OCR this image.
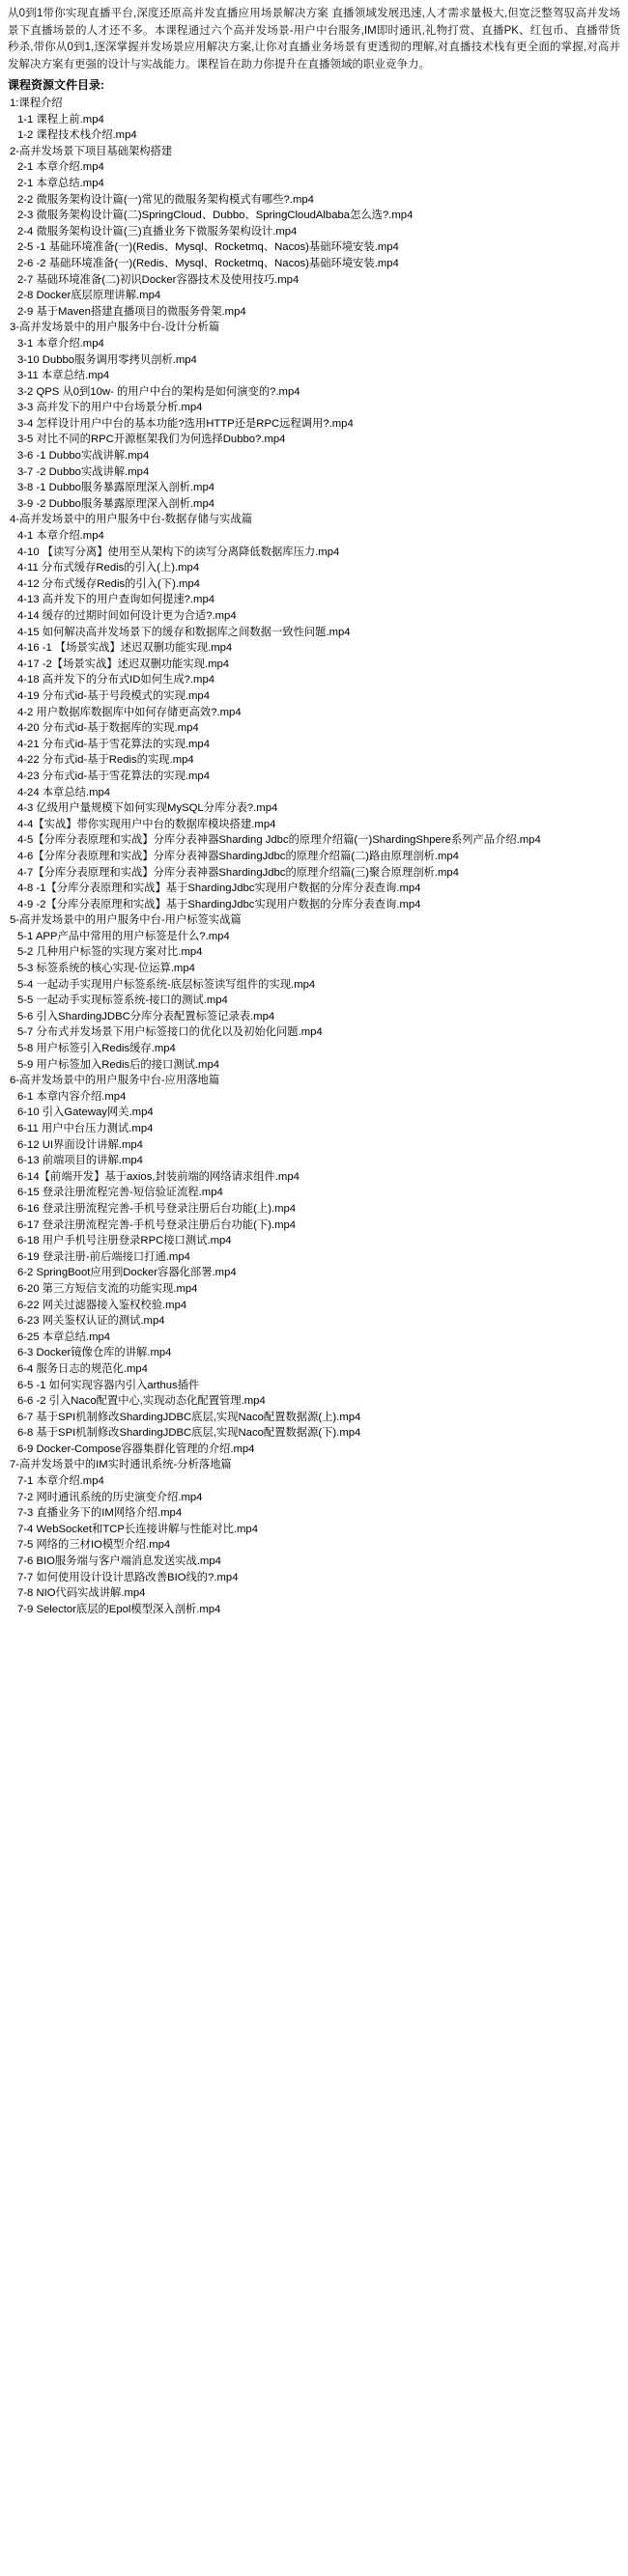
从0到1带你实现直播平台,深度还原高并发直播应用场景解决方案 直播领域发展迅速,人才需求量极大,但宽泛整驾驭高并发场景下直播场景的人才还不多。本课程通过六个高并发场景-用户中台服务,IM即时通讯,礼物打赏、直播PK、红包币、直播带货秒杀,带你从0到1,逐深掌握并发场景应用解决方案,让你对直播业务场景有更透彻的理解,对直播技术栈有更全面的掌握,对高并发解决方案有更强的设计与实战能力。课程旨在助力你提升在直播领域的职业竞争力。

课程资源文件目录:
1:课程介绍
1-1 课程上前.mp4
1-2 课程技术栈介绍.mp4
2-高并发场景下项目基础架构搭建
2-1 本章介绍.mp4
2-1 本章总结.mp4
2-2 微服务架构设计篇(一)常见的微服务架构模式有哪些?.mp4
2-3 微服务架构设计篇(二)SpringCloud、Dubbo、SpringCloudAlbaba怎么选?.mp4
2-4 微服务架构设计篇(三)直播业务下微服务架构设计.mp4
2-5 -1 基础环境准备(一)(Redis、Mysql、Rocketmq、Nacos)基础环境安装.mp4
2-6 -2 基础环境准备(一)(Redis、Mysql、Rocketmq、Nacos)基础环境安装.mp4
2-7 基础环境准备(二)初识Docker容器技术及使用技巧.mp4
2-8 Docker底层原理讲解.mp4
2-9 基于Maven搭建直播项目的微服务骨架.mp4
3-高并发场景中的用户服务中台-设计分析篇
3-1 本章介绍.mp4
3-10 Dubbo服务调用零拷贝剖析.mp4
3-11 本章总结.mp4
3-2 QPS 从0到10w- 的用户中台的架构是如何演变的?.mp4
3-3 高并发下的用户中台场景分析.mp4
3-4 怎样设计用户中台的基本功能?选用HTTP还是RPC远程调用?.mp4
3-5 对比不同的RPC开源框架我们为何选择Dubbo?.mp4
3-6 -1 Dubbo实战讲解.mp4
3-7 -2 Dubbo实战讲解.mp4
3-8 -1 Dubbo服务暴露原理深入剖析.mp4
3-9 -2 Dubbo服务暴露原理深入剖析.mp4
4-高并发场景中的用户服务中台-数据存储与实战篇
4-1 本章介绍.mp4
4-10 【读写分离】使用至从架构下的读写分离降低数据库压力.mp4
4-11 分布式缓存Redis的引入(上).mp4
4-12 分布式缓存Redis的引入(下).mp4
4-13 高并发下的用户查询如何提速?.mp4
4-14 缓存的过期时间如何设计更为合适?.mp4
4-15 如何解决高并发场景下的缓存和数据库之间数据一致性问题.mp4
4-16 -1 【场景实战】述迟双删功能实现.mp4
4-17 -2【场景实战】述迟双删功能实现.mp4
4-18 高并发下的分布式ID如何生成?.mp4
4-19 分布式id-基于号段模式的实现.mp4
4-2 用户数据库数据库中如何存储更高效?.mp4
4-20 分布式id-基于数据库的实现.mp4
4-21 分布式id-基于雪花算法的实现.mp4
4-22 分布式id-基于Redis的实现.mp4
4-23 分布式id-基于雪花算法的实现.mp4
4-24 本章总结.mp4
4-3 亿级用户量规模下如何实现MySQL分库分表?.mp4
4-4【实战】带你实现用户中台的数据库模块搭建.mp4
4-5【分库分表原理和实战】分库分表神器Sharding Jdbc的原理介绍篇(一)ShardingShpere系列产品介绍.mp4
4-6【分库分表原理和实战】分库分表神器ShardingJdbc的原理介绍篇(二)路由原理剖析.mp4
4-7【分库分表原理和实战】分库分表神器ShardingJdbc的原理介绍篇(三)聚合原理剖析.mp4
4-8 -1【分库分表原理和实战】基于ShardingJdbc实现用户数据的分库分表查询.mp4
4-9 -2【分库分表原理和实战】基于ShardingJdbc实现用户数据的分库分表查询.mp4
5-高并发场景中的用户服务中台-用户标签实战篇
5-1 APP产品中常用的用户标签是什么?.mp4
5-2 几种用户标签的实现方案对比.mp4
5-3 标签系统的核心实现-位运算.mp4
5-4 一起动手实现用户标签系统-底层标签读写组件的实现.mp4
5-5 一起动手实现标签系统-接口的测试.mp4
5-6 引入ShardingJDBC分库分表配置标签记录表.mp4
5-7 分布式并发场景下用户标签接口的优化以及初始化问题.mp4
5-8 用户标签引入Redis缓存.mp4
5-9 用户标签加入Redis后的接口测试.mp4
6-高并发场景中的用户服务中台-应用落地篇
6-1 本章内容介绍.mp4
6-10 引入Gateway网关.mp4
6-11 用户中台压力测试.mp4
6-12 UI界面设计讲解.mp4
6-13 前端项目的讲解.mp4
6-14【前端开发】基于axios,封装前端的网络请求组件.mp4
6-15 登录注册流程完善-短信验证流程.mp4
6-16 登录注册流程完善-手机号登录注册后台功能(上).mp4
6-17 登录注册流程完善-手机号登录注册后台功能(下).mp4
6-18 用户手机号注册登录RPC接口测试.mp4
6-19 登录注册-前后端接口打通.mp4
6-2 SpringBoot应用到Docker容器化部署.mp4
6-20 第三方短信支流的功能实现.mp4
6-22 网关过滤器接入鉴权校验.mp4
6-23 网关鉴权认证的测试.mp4
6-25 本章总结.mp4
6-3 Docker镜像仓库的讲解.mp4
6-4 服务日志的规范化.mp4
6-5 -1 如何实现容器内引入arthus插件
6-6 -2 引入Naco配置中心,实现动态化配置管理.mp4
6-7 基于SPI机制修改ShardingJDBC底层,实现Naco配置数据源(上).mp4
6-8 基于SPI机制修改ShardingJDBC底层,实现Naco配置数据源(下).mp4
6-9 Docker-Compose容器集群化管理的介绍.mp4
7-高并发场景中的IM实时通讯系统-分析落地篇
7-1 本章介绍.mp4
7-2 网时通讯系统的历史演变介绍.mp4
7-3 直播业务下的IM网络介绍.mp4
7-4 WebSocket和TCP长连接讲解与性能对比.mp4
7-5 网络的三材IO模型介绍.mp4
7-6 BIO服务端与客户端消息发送实战.mp4
7-7 如何使用设计设计思路改善BIO线的?.mp4
7-8 NIO代码实战讲解.mp4
7-9 Selector底层的Epol模型深入剖析.mp4
